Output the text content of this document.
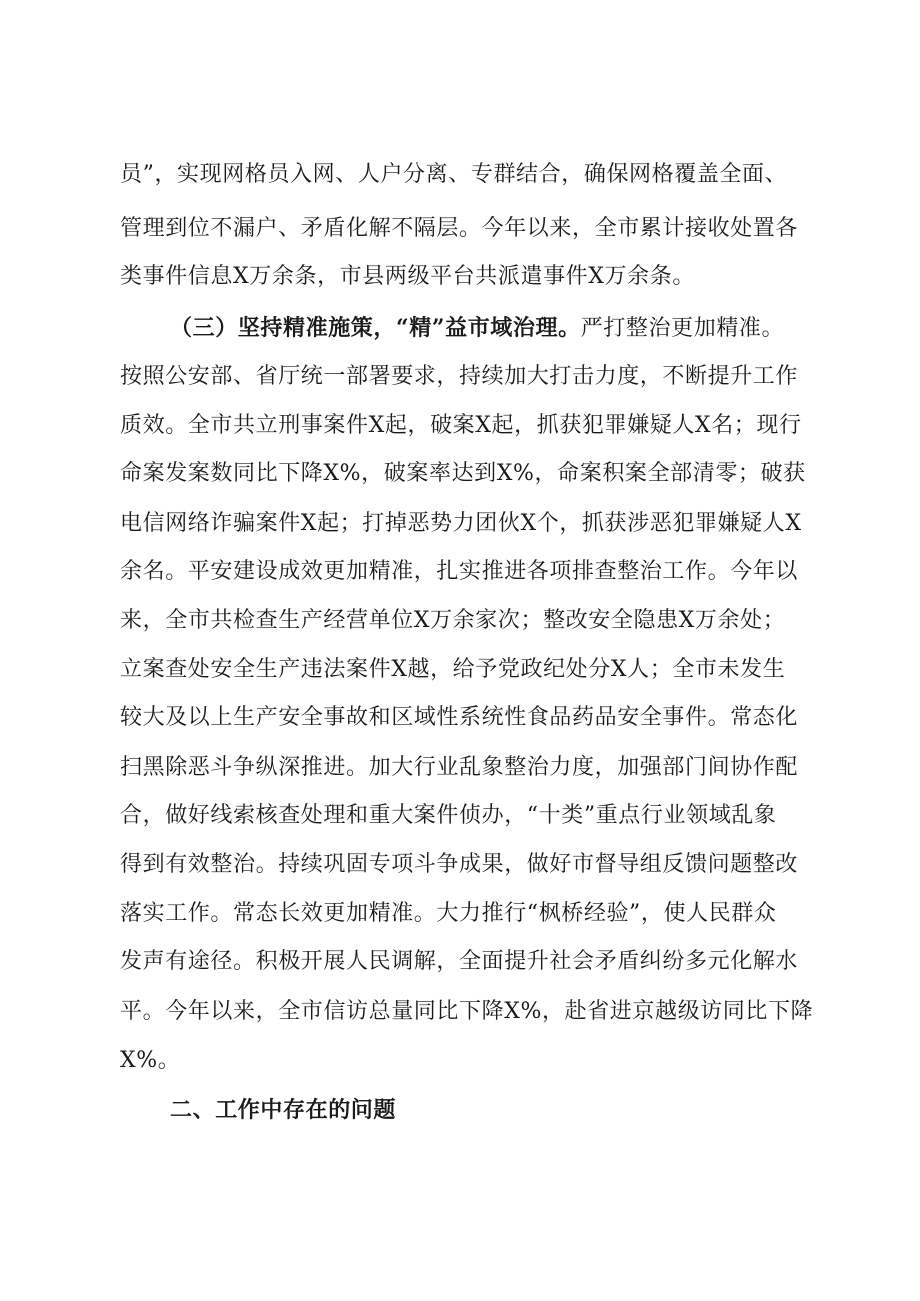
员”，实现网格员入网、人户分离、专群结合，确保网格覆盖全面、
管理到位不漏户、矛盾化解不隔层。今年以来，全市累计接收处置各
类事件信息X万余条，市县两级平台共派遣事件X万余条。
（三）坚持精准施策，“精”益市域治理。严打整治更加精准。
按照公安部、省厅统一部署要求，持续加大打击力度，不断提升工作
质效。全市共立刑事案件X起，破案X起，抓获犯罪嫌疑人X名；现行
命案发案数同比下降X%，破案率达到X%，命案积案全部清零；破获
电信网络诈骗案件X起；打掉恶势力团伙X个，抓获涉恶犯罪嫌疑人X
余名。平安建设成效更加精准，扎实推进各项排查整治工作。今年以
来，全市共检查生产经营单位X万余家次；整改安全隐患X万余处；
立案查处安全生产违法案件X越，给予党政纪处分X人；全市未发生
较大及以上生产安全事故和区域性系统性食品药品安全事件。常态化
扫黑除恶斗争纵深推进。加大行业乱象整治力度，加强部门间协作配
合，做好线索核查处理和重大案件侦办，“十类”重点行业领域乱象
得到有效整治。持续巩固专项斗争成果，做好市督导组反馈问题整改
落实工作。常态长效更加精准。大力推行“枫桥经验”，使人民群众
发声有途径。积极开展人民调解，全面提升社会矛盾纠纷多元化解水
平。今年以来，全市信访总量同比下降X%，赴省进京越级访同比下降
X%。
二、工作中存在的问题
